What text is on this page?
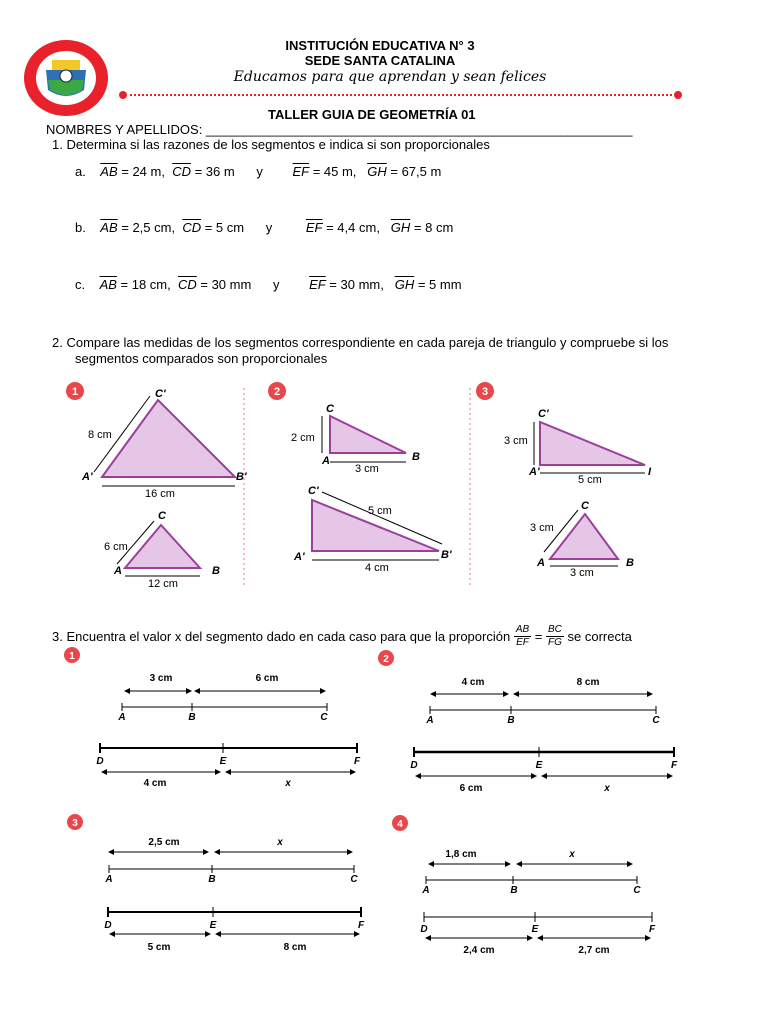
INSTITUCIÓN EDUCATIVA N° 3
SEDE SANTA CATALINA
Educamos para que aprendan y sean felices
TALLER GUIA DE GEOMETRÍA 01
NOMBRES Y APELLIDOS: ___________________________________________________________
1. Determina si las razones de los segmentos e indica si son proporcionales
a. $\overline{AB} = 24$ m, $\overline{CD} = 36$ m y $\overline{EF} = 45$ m, $\overline{GH} = 67,5$ m
b. $\overline{AB} = 2,5$ cm, $\overline{CD} = 5$ cm y	$\overline{EF} = 4,4$ cm, $\overline{GH} = 8$ cm
c. $\overline{AB} = 18$ cm, $\overline{CD} = 30$ mm y $\overline{EF} = 30$ mm, $\overline{GH} = 5$ mm
2. Compare las medidas de los segmentos correspondiente en cada pareja de triangulo y compruebe si los
segmentos comparados son proporcionales
1
8 cm
16 cm
A'	B'
C'
6 cm
12 cm
A	B
C
2
2 cm
3 cm
A	B
C
5 cm
4 cm
A'	B'
C'
3
3 cm
5 cm
A'	I
C'
3 cm
3 cm
A	B
C
3. Encuentra el valor x del segmento dado en cada caso para que la proporción
$\frac{AB}{EF}$
=
$\frac{BC}{FG}$
se correcta
1
3 cm	6 cm
A	B	C
D	E	F
4 cm	x
2
4 cm	8 cm
A	B	C
D	E	F
6 cm	x
3
2,5 cm	x
A	B	C
D	E	F
5 cm	8 cm
4
1,8 cm	x
A	B	C
D	E	F
2,4 cm	2,7 cm
